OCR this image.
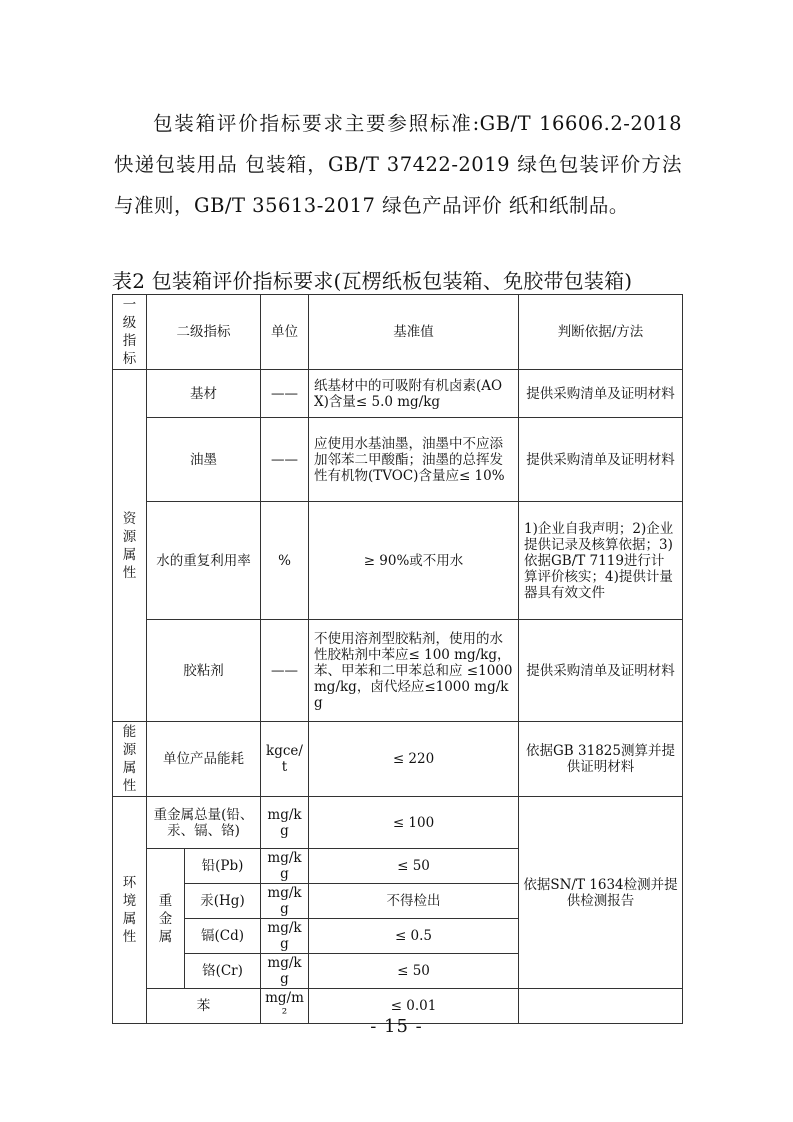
包装箱评价指标要求主要参照标准:GB/T 16606.2-2018 快递包装用品 包装箱，GB/T 37422-2019 绿色包装评价方法与准则，GB/T 35613-2017 绿色产品评价 纸和纸制品。

表2 包装箱评价指标要求(瓦楞纸板包装箱、免胶带包装箱)

一级指标	二级指标		单位	基准值	判断依据/方法
资源属性	基材		——	纸基材中的可吸附有机卤素(AOX)含量≤ 5.0 mg/kg	提供采购清单及证明材料
	油墨		——	应使用水基油墨，油墨中不应添加邻苯二甲酸酯；油墨的总挥发性有机物(TVOC)含量应≤ 10%	提供采购清单及证明材料
	水的重复利用率		%	≥ 90%或不用水	1)企业自我声明；2)企业提供记录及核算依据；3)依据GB/T 7119进行计算评价核实；4)提供计量器具有效文件
	胶粘剂		——	不使用溶剂型胶粘剂，使用的水性胶粘剂中苯应≤ 100 mg/kg，苯、甲苯和二甲苯总和应 ≤1000 mg/kg，卤代烃应≤1000 mg/kg	提供采购清单及证明材料
能源属性	单位产品能耗		kgce/t	≤ 220	依据GB 31825测算并提供证明材料
环境属性	重金属总量(铅、汞、镉、铬)		mg/kg	≤ 100	依据SN/T 1634检测并提供检测报告
	重金属	铅(Pb)	mg/kg	≤ 50	
		汞(Hg)	mg/kg	不得检出	
		镉(Cd)	mg/kg	≤ 0.5	
		铬(Cr)	mg/kg	≤ 50	
	苯		mg/m²	≤ 0.01	
- 15 -
